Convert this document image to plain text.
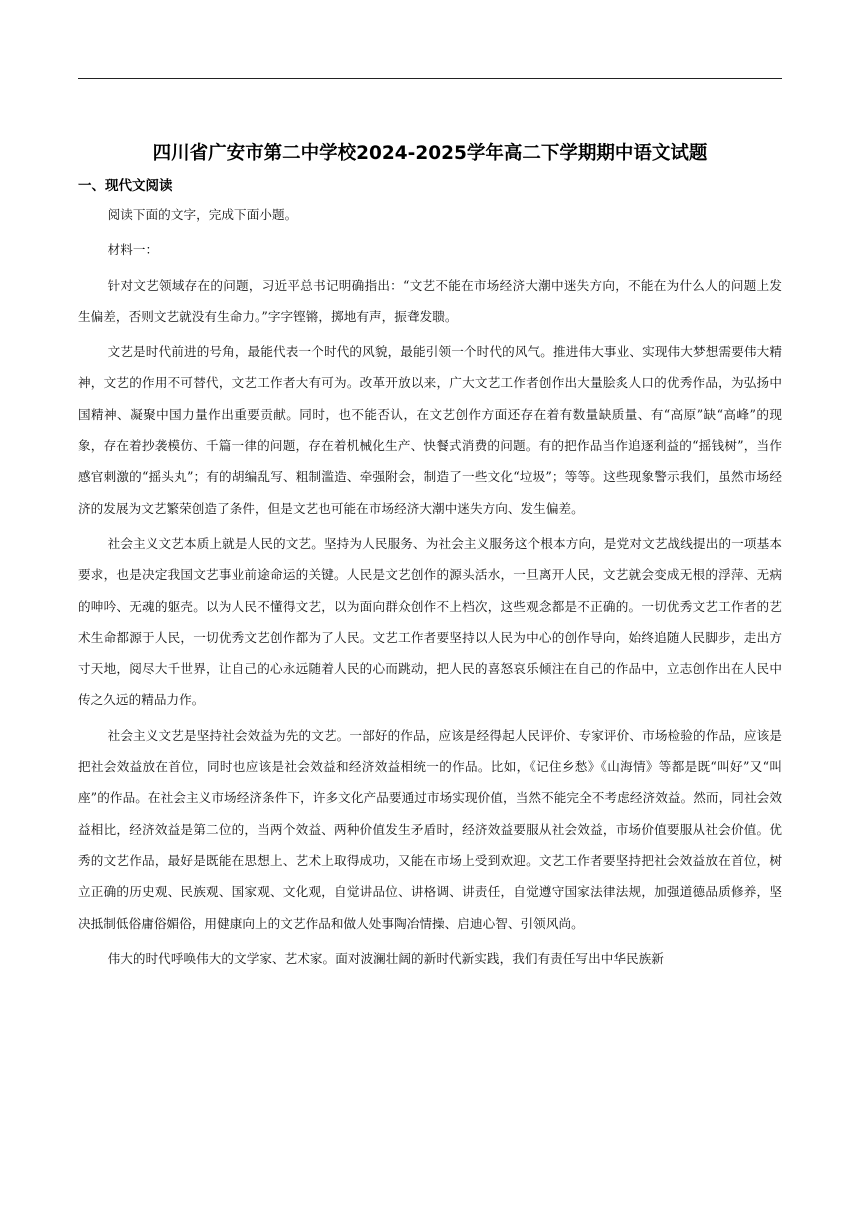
四川省广安市第二中学校2024-2025学年高二下学期期中语文试题
一、现代文阅读

阅读下面的文字，完成下面小题。

材料一：

针对文艺领域存在的问题，习近平总书记明确指出：“文艺不能在市场经济大潮中迷失方向，不能在为什么人的问题上发生偏差，否则文艺就没有生命力。”字字铿锵，掷地有声，振聋发聩。

文艺是时代前进的号角，最能代表一个时代的风貌，最能引领一个时代的风气。推进伟大事业、实现伟大梦想需要伟大精神，文艺的作用不可替代，文艺工作者大有可为。改革开放以来，广大文艺工作者创作出大量脍炙人口的优秀作品，为弘扬中国精神、凝聚中国力量作出重要贡献。同时，也不能否认，在文艺创作方面还存在着有数量缺质量、有“高原”缺“高峰”的现象，存在着抄袭模仿、千篇一律的问题，存在着机械化生产、快餐式消费的问题。有的把作品当作追逐利益的“摇钱树”，当作感官刺激的“摇头丸”；有的胡编乱写、粗制滥造、牵强附会，制造了一些文化“垃圾”；等等。这些现象警示我们，虽然市场经济的发展为文艺繁荣创造了条件，但是文艺也可能在市场经济大潮中迷失方向、发生偏差。

社会主义文艺本质上就是人民的文艺。坚持为人民服务、为社会主义服务这个根本方向，是党对文艺战线提出的一项基本要求，也是决定我国文艺事业前途命运的关键。人民是文艺创作的源头活水，一旦离开人民，文艺就会变成无根的浮萍、无病的呻吟、无魂的躯壳。以为人民不懂得文艺，以为面向群众创作不上档次，这些观念都是不正确的。一切优秀文艺工作者的艺术生命都源于人民，一切优秀文艺创作都为了人民。文艺工作者要坚持以人民为中心的创作导向，始终追随人民脚步，走出方寸天地，阅尽大千世界，让自己的心永远随着人民的心而跳动，把人民的喜怒哀乐倾注在自己的作品中，立志创作出在人民中传之久远的精品力作。

社会主义文艺是坚持社会效益为先的文艺。一部好的作品，应该是经得起人民评价、专家评价、市场检验的作品，应该是把社会效益放在首位，同时也应该是社会效益和经济效益相统一的作品。比如，《记住乡愁》《山海情》等都是既“叫好”又“叫座”的作品。在社会主义市场经济条件下，许多文化产品要通过市场实现价值，当然不能完全不考虑经济效益。然而，同社会效益相比，经济效益是第二位的，当两个效益、两种价值发生矛盾时，经济效益要服从社会效益，市场价值要服从社会价值。优秀的文艺作品，最好是既能在思想上、艺术上取得成功，又能在市场上受到欢迎。文艺工作者要坚持把社会效益放在首位，树立正确的历史观、民族观、国家观、文化观，自觉讲品位、讲格调、讲责任，自觉遵守国家法律法规，加强道德品质修养，坚决抵制低俗庸俗媚俗，用健康向上的文艺作品和做人处事陶冶情操、启迪心智、引领风尚。

伟大的时代呼唤伟大的文学家、艺术家。面对波澜壮阔的新时代新实践，我们有责任写出中华民族新
